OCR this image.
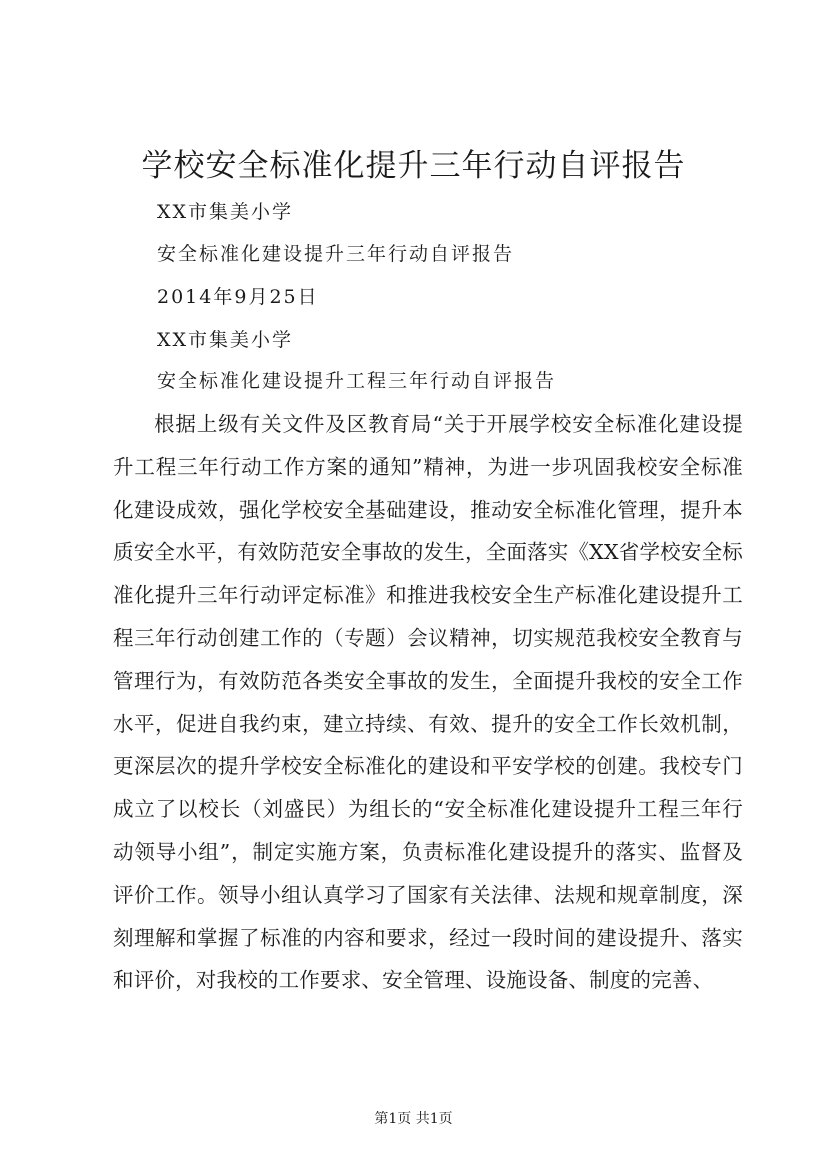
学校安全标准化提升三年行动自评报告

XX市集美小学

安全标准化建设提升三年行动自评报告

2014年9月25日

XX市集美小学

安全标准化建设提升工程三年行动自评报告

根据上级有关文件及区教育局“关于开展学校安全标准化建设提升工程三年行动工作方案的通知”精神，为进一步巩固我校安全标准化建设成效，强化学校安全基础建设，推动安全标准化管理，提升本质安全水平，有效防范安全事故的发生，全面落实《XX省学校安全标准化提升三年行动评定标准》和推进我校安全生产标准化建设提升工程三年行动创建工作的（专题）会议精神，切实规范我校安全教育与管理行为，有效防范各类安全事故的发生，全面提升我校的安全工作水平，促进自我约束，建立持续、有效、提升的安全工作长效机制，更深层次的提升学校安全标准化的建设和平安学校的创建。我校专门成立了以校长（刘盛民）为组长的“安全标准化建设提升工程三年行动领导小组”，制定实施方案，负责标准化建设提升的落实、监督及评价工作。领导小组认真学习了国家有关法律、法规和规章制度，深刻理解和掌握了标准的内容和要求，经过一段时间的建设提升、落实和评价，对我校的工作要求、安全管理、设施设备、制度的完善、

第1页 共1页
